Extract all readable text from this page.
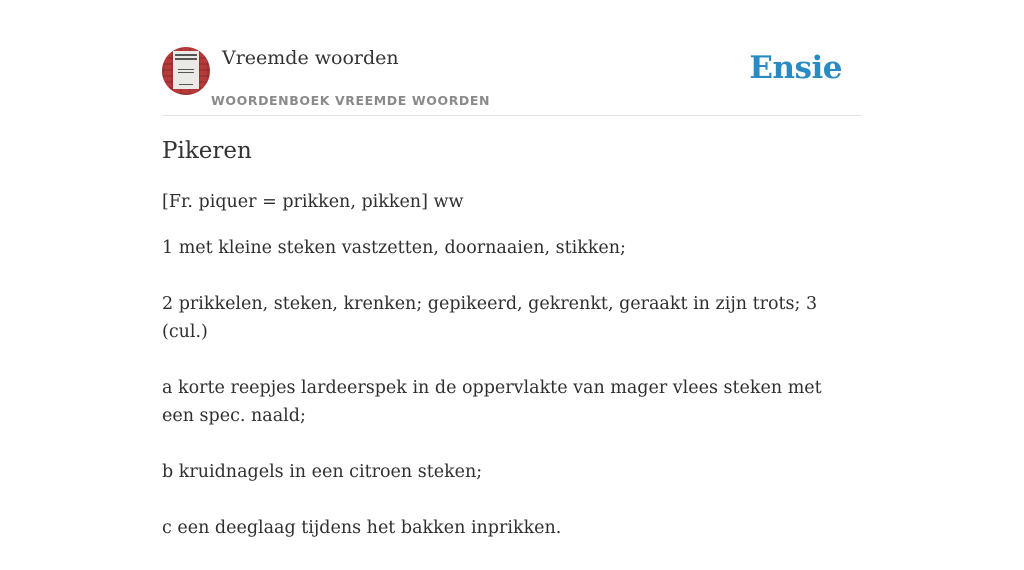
Vreemde woorden
WOORDENBOEK VREEMDE WOORDEN
Ensie
Pikeren

[Fr. piquer = prikken, pikken] ww

1 met kleine steken vastzetten, doornaaien, stikken;

2 prikkelen, steken, krenken; gepikeerd, gekrenkt, geraakt in zijn trots; 3 (cul.)

a korte reepjes lardeerspek in de oppervlakte van mager vlees steken met een spec. naald;

b kruidnagels in een citroen steken;

c een deeglaag tijdens het bakken inprikken.
